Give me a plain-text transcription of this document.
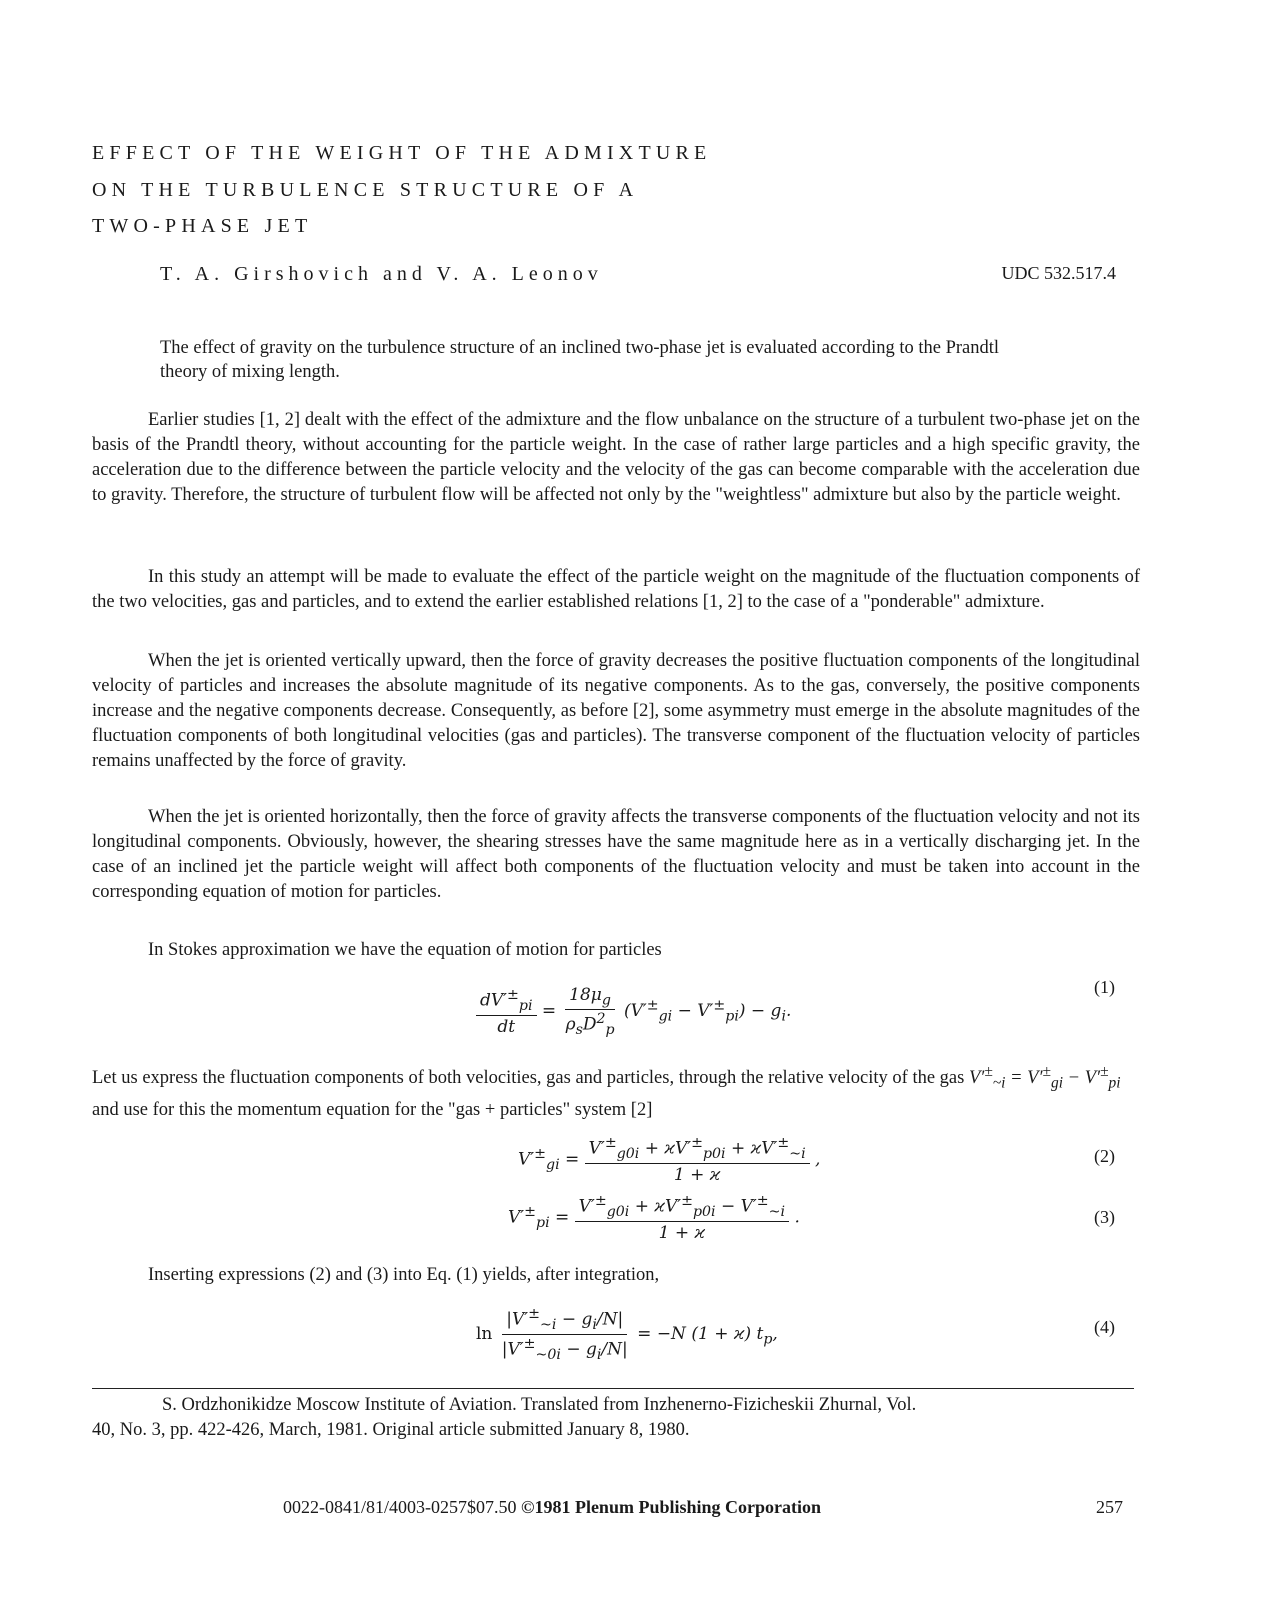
EFFECT OF THE WEIGHT OF THE ADMIXTURE
ON THE TURBULENCE STRUCTURE OF A
TWO-PHASE JET
T. A. Girshovich and V. A. Leonov	UDC 532.517.4
The effect of gravity on the turbulence structure of an inclined two-phase jet is evaluated according to the Prandtl theory of mixing length.
Earlier studies [1, 2] dealt with the effect of the admixture and the flow unbalance on the structure of a turbulent two-phase jet on the basis of the Prandtl theory, without accounting for the particle weight. In the case of rather large particles and a high specific gravity, the acceleration due to the difference between the particle velocity and the velocity of the gas can become comparable with the acceleration due to gravity. Therefore, the structure of turbulent flow will be affected not only by the "weightless" admixture but also by the particle weight.
In this study an attempt will be made to evaluate the effect of the particle weight on the magnitude of the fluctuation components of the two velocities, gas and particles, and to extend the earlier established relations [1, 2] to the case of a "ponderable" admixture.
When the jet is oriented vertically upward, then the force of gravity decreases the positive fluctuation components of the longitudinal velocity of particles and increases the absolute magnitude of its negative components. As to the gas, conversely, the positive components increase and the negative components decrease. Consequently, as before [2], some asymmetry must emerge in the absolute magnitudes of the fluctuation components of both longitudinal velocities (gas and particles). The transverse component of the fluctuation velocity of particles remains unaffected by the force of gravity.
When the jet is oriented horizontally, then the force of gravity affects the transverse components of the fluctuation velocity and not its longitudinal components. Obviously, however, the shearing stresses have the same magnitude here as in a vertically discharging jet. In the case of an inclined jet the particle weight will affect both components of the fluctuation velocity and must be taken into account in the corresponding equation of motion for particles.
In Stokes approximation we have the equation of motion for particles
$\frac{dV'^\pm_{pi}}{dt} = \frac{18\mu_g}{\rho_sD^2_p} (V'^\pm_{gi} - V'^\pm_{pi}) - g_i$.
(1)
Let us express the fluctuation components of both velocities, gas and particles, through the relative velocity of the gas $V'^\pm_{\sim i} = V'^\pm_{gi} - V'^\pm_{pi}$ and use for this the momentum equation for the "gas + particles" system [2]
$V'^\pm_{gi} = \frac{V'^\pm_{g0i} + ϰV'^\pm_{p0i} + ϰV'^\pm_{\sim i}}{1 + ϰ}$ ,	(2)
$V'^\pm_{pi} = \frac{V'^\pm_{g0i} + ϰV'^\pm_{p0i} - V'^\pm_{\sim i}}{1 + ϰ}$ .	(3)
Inserting expressions (2) and (3) into Eq. (1) yields, after integration,
$\ln \frac{|V'^\pm_{\sim i} - g_i/N|}{|V'^\pm_{\sim 0i} - g_i/N|} = -N$ (1 + ϰ) $t_p$,	(4)
S. Ordzhonikidze Moscow Institute of Aviation. Translated from Inzhenerno-Fizicheskii Zhurnal, Vol.
40, No. 3, pp. 422-426, March, 1981. Original article submitted January 8, 1980.
0022-0841/81/4003-0257$07.50 ©1981 Plenum Publishing Corporation	257
